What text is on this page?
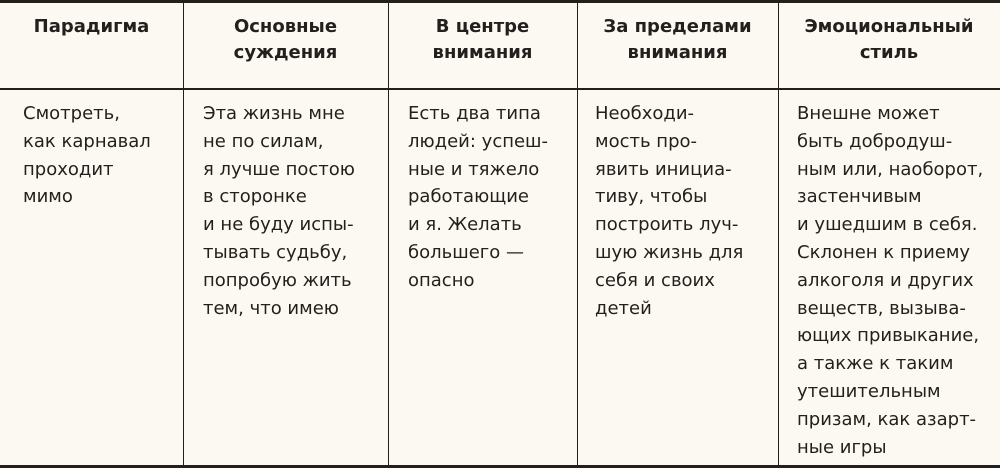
Парадигма	Основные
суждения
В центре
внимания
За пределами
внимания
Эмоциональный
стиль
Смотреть,
как карнавал
проходит
мимо
Эта жизнь мне
не по силам,
я лучше постою
в сторонке
и не буду испы-
тывать судьбу,
попробую жить
тем, что имею
Есть два типа
людей: успеш-
ные и тяжело
работающие
и я. Желать
большего —
опасно
Необходи-
мость про-
явить инициа-
тиву, чтобы
построить луч-
шую жизнь для
себя и своих
детей
Внешне может
быть добродуш-
ным или, наоборот,
застенчивым
и ушедшим в себя.
Склонен к приему
алкоголя и других
веществ, вызыва-
ющих привыкание,
а также к таким
утешительным
призам, как азарт-
ные игры
